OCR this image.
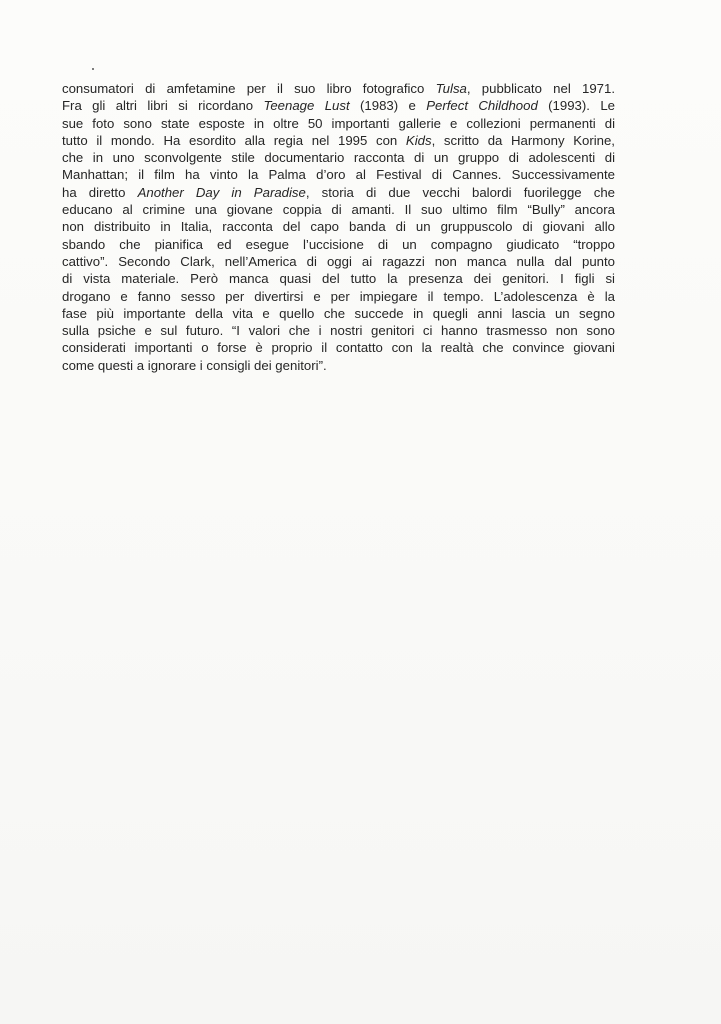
consumatori di amfetamine per il suo libro fotografico Tulsa, pubblicato nel 1971.
Fra gli altri libri si ricordano Teenage Lust (1983) e Perfect Childhood (1993). Le
sue foto sono state esposte in oltre 50 importanti gallerie e collezioni permanenti di
tutto il mondo. Ha esordito alla regia nel 1995 con Kids, scritto da Harmony Korine,
che in uno sconvolgente stile documentario racconta di un gruppo di adolescenti di
Manhattan; il film ha vinto la Palma d’oro al Festival di Cannes. Successivamente
ha diretto Another Day in Paradise, storia di due vecchi balordi fuorilegge che
educano al crimine una giovane coppia di amanti. Il suo ultimo film “Bully” ancora
non distribuito in Italia, racconta del capo banda di un gruppuscolo di giovani allo
sbando che pianifica ed esegue l’uccisione di un compagno giudicato “troppo
cattivo”. Secondo Clark, nell’America di oggi ai ragazzi non manca nulla dal punto
di vista materiale. Però manca quasi del tutto la presenza dei genitori. I figli si
drogano e fanno sesso per divertirsi e per impiegare il tempo. L’adolescenza è la
fase più importante della vita e quello che succede in quegli anni lascia un segno
sulla psiche e sul futuro. “I valori che i nostri genitori ci hanno trasmesso non sono
considerati importanti o forse è proprio il contatto con la realtà che convince giovani
come questi a ignorare i consigli dei genitori”.
